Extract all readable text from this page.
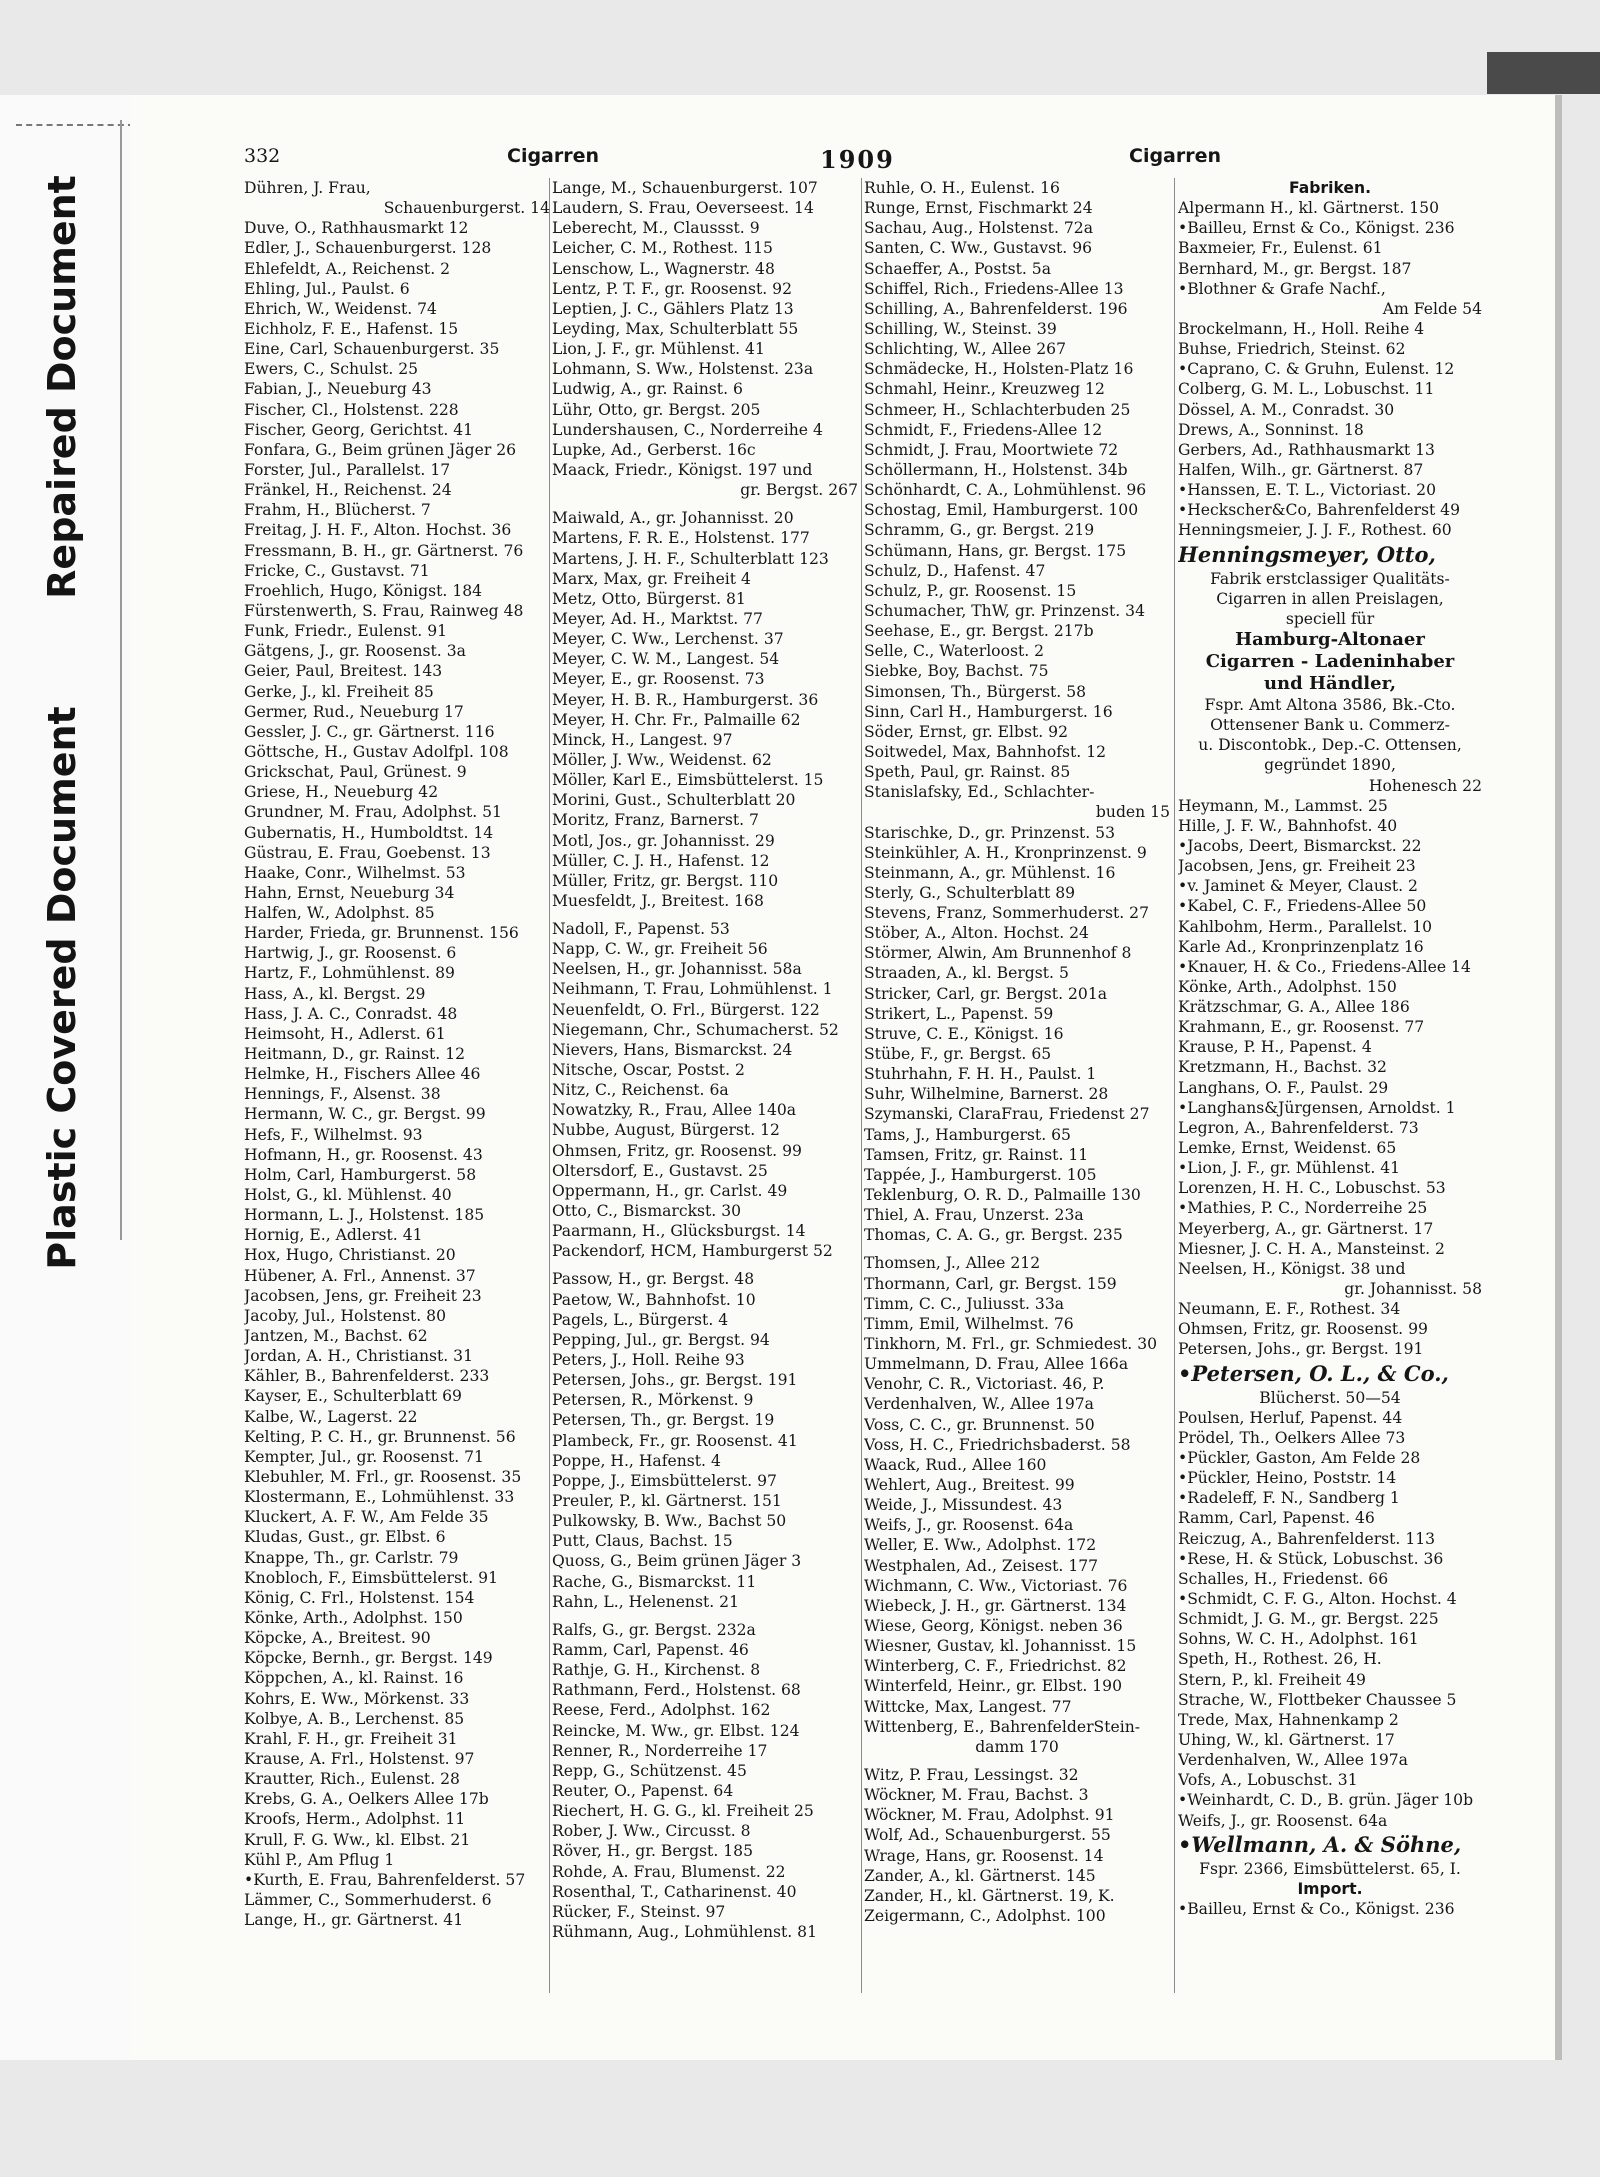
Repaired Document
Plastic Covered Document
332	Cigarren	1909	Cigarren
Dühren, J. Frau,
Schauenburgerst. 14
Duve, O., Rathhausmarkt 12
Edler, J., Schauenburgerst. 128
Ehlefeldt, A., Reichenst. 2
Ehling, Jul., Paulst. 6
Ehrich, W., Weidenst. 74
Eichholz, F. E., Hafenst. 15
Eine, Carl, Schauenburgerst. 35
Ewers, C., Schulst. 25
Fabian, J., Neueburg 43
Fischer, Cl., Holstenst. 228
Fischer, Georg, Gerichtst. 41
Fonfara, G., Beim grünen Jäger 26
Forster, Jul., Parallelst. 17
Fränkel, H., Reichenst. 24
Frahm, H., Blücherst. 7
Freitag, J. H. F., Alton. Hochst. 36
Fressmann, B. H., gr. Gärtnerst. 76
Fricke, C., Gustavst. 71
Froehlich, Hugo, Königst. 184
Fürstenwerth, S. Frau, Rainweg 48
Funk, Friedr., Eulenst. 91
Gätgens, J., gr. Roosenst. 3a
Geier, Paul, Breitest. 143
Gerke, J., kl. Freiheit 85
Germer, Rud., Neueburg 17
Gessler, J. C., gr. Gärtnerst. 116
Göttsche, H., Gustav Adolfpl. 108
Grickschat, Paul, Grünest. 9
Griese, H., Neueburg 42
Grundner, M. Frau, Adolphst. 51
Gubernatis, H., Humboldtst. 14
Güstrau, E. Frau, Goebenst. 13
Haake, Conr., Wilhelmst. 53
Hahn, Ernst, Neueburg 34
Halfen, W., Adolphst. 85
Harder, Frieda, gr. Brunnenst. 156
Hartwig, J., gr. Roosenst. 6
Hartz, F., Lohmühlenst. 89
Hass, A., kl. Bergst. 29
Hass, J. A. C., Conradst. 48
Heimsoht, H., Adlerst. 61
Heitmann, D., gr. Rainst. 12
Helmke, H., Fischers Allee 46
Hennings, F., Alsenst. 38
Hermann, W. C., gr. Bergst. 99
Hefs, F., Wilhelmst. 93
Hofmann, H., gr. Roosenst. 43
Holm, Carl, Hamburgerst. 58
Holst, G., kl. Mühlenst. 40
Hormann, L. J., Holstenst. 185
Hornig, E., Adlerst. 41
Hox, Hugo, Christianst. 20
Hübener, A. Frl., Annenst. 37
Jacobsen, Jens, gr. Freiheit 23
Jacoby, Jul., Holstenst. 80
Jantzen, M., Bachst. 62
Jordan, A. H., Christianst. 31
Kähler, B., Bahrenfelderst. 233
Kayser, E., Schulterblatt 69
Kalbe, W., Lagerst. 22
Kelting, P. C. H., gr. Brunnenst. 56
Kempter, Jul., gr. Roosenst. 71
Klebuhler, M. Frl., gr. Roosenst. 35
Klostermann, E., Lohmühlenst. 33
Kluckert, A. F. W., Am Felde 35
Kludas, Gust., gr. Elbst. 6
Knappe, Th., gr. Carlstr. 79
Knobloch, F., Eimsbüttelerst. 91
König, C. Frl., Holstenst. 154
Könke, Arth., Adolphst. 150
Köpcke, A., Breitest. 90
Köpcke, Bernh., gr. Bergst. 149
Köppchen, A., kl. Rainst. 16
Kohrs, E. Ww., Mörkenst. 33
Kolbye, A. B., Lerchenst. 85
Krahl, F. H., gr. Freiheit 31
Krause, A. Frl., Holstenst. 97
Krautter, Rich., Eulenst. 28
Krebs, G. A., Oelkers Allee 17b
Kroofs, Herm., Adolphst. 11
Krull, F. G. Ww., kl. Elbst. 21
Kühl P., Am Pflug 1
•Kurth, E. Frau, Bahrenfelderst. 57
Lämmer, C., Sommerhuderst. 6
Lange, H., gr. Gärtnerst. 41
Lange, M., Schauenburgerst. 107
Laudern, S. Frau, Oeverseest. 14
Leberecht, M., Claussst. 9
Leicher, C. M., Rothest. 115
Lenschow, L., Wagnerstr. 48
Lentz, P. T. F., gr. Roosenst. 92
Leptien, J. C., Gählers Platz 13
Leyding, Max, Schulterblatt 55
Lion, J. F., gr. Mühlenst. 41
Lohmann, S. Ww., Holstenst. 23a
Ludwig, A., gr. Rainst. 6
Lühr, Otto, gr. Bergst. 205
Lundershausen, C., Norderreihe 4
Lupke, Ad., Gerberst. 16c
Maack, Friedr., Königst. 197 und
gr. Bergst. 267
Maiwald, A., gr. Johannisst. 20
Martens, F. R. E., Holstenst. 177
Martens, J. H. F., Schulterblatt 123
Marx, Max, gr. Freiheit 4
Metz, Otto, Bürgerst. 81
Meyer, Ad. H., Marktst. 77
Meyer, C. Ww., Lerchenst. 37
Meyer, C. W. M., Langest. 54
Meyer, E., gr. Roosenst. 73
Meyer, H. B. R., Hamburgerst. 36
Meyer, H. Chr. Fr., Palmaille 62
Minck, H., Langest. 97
Möller, J. Ww., Weidenst. 62
Möller, Karl E., Eimsbüttelerst. 15
Morini, Gust., Schulterblatt 20
Moritz, Franz, Barnerst. 7
Motl, Jos., gr. Johannisst. 29
Müller, C. J. H., Hafenst. 12
Müller, Fritz, gr. Bergst. 110
Muesfeldt, J., Breitest. 168
Nadoll, F., Papenst. 53
Napp, C. W., gr. Freiheit 56
Neelsen, H., gr. Johannisst. 58a
Neihmann, T. Frau, Lohmühlenst. 1
Neuenfeldt, O. Frl., Bürgerst. 122
Niegemann, Chr., Schumacherst. 52
Nievers, Hans, Bismarckst. 24
Nitsche, Oscar, Postst. 2
Nitz, C., Reichenst. 6a
Nowatzky, R., Frau, Allee 140a
Nubbe, August, Bürgerst. 12
Ohmsen, Fritz, gr. Roosenst. 99
Oltersdorf, E., Gustavst. 25
Oppermann, H., gr. Carlst. 49
Otto, C., Bismarckst. 30
Paarmann, H., Glücksburgst. 14
Packendorf, HCM, Hamburgerst 52
Passow, H., gr. Bergst. 48
Paetow, W., Bahnhofst. 10
Pagels, L., Bürgerst. 4
Pepping, Jul., gr. Bergst. 94
Peters, J., Holl. Reihe 93
Petersen, Johs., gr. Bergst. 191
Petersen, R., Mörkenst. 9
Petersen, Th., gr. Bergst. 19
Plambeck, Fr., gr. Roosenst. 41
Poppe, H., Hafenst. 4
Poppe, J., Eimsbüttelerst. 97
Preuler, P., kl. Gärtnerst. 151
Pulkowsky, B. Ww., Bachst 50
Putt, Claus, Bachst. 15
Quoss, G., Beim grünen Jäger 3
Rache, G., Bismarckst. 11
Rahn, L., Helenenst. 21
Ralfs, G., gr. Bergst. 232a
Ramm, Carl, Papenst. 46
Rathje, G. H., Kirchenst. 8
Rathmann, Ferd., Holstenst. 68
Reese, Ferd., Adolphst. 162
Reincke, M. Ww., gr. Elbst. 124
Renner, R., Norderreihe 17
Repp, G., Schützenst. 45
Reuter, O., Papenst. 64
Riechert, H. G. G., kl. Freiheit 25
Rober, J. Ww., Circusst. 8
Röver, H., gr. Bergst. 185
Rohde, A. Frau, Blumenst. 22
Rosenthal, T., Catharinenst. 40
Rücker, F., Steinst. 97
Rühmann, Aug., Lohmühlenst. 81
Ruhle, O. H., Eulenst. 16
Runge, Ernst, Fischmarkt 24
Sachau, Aug., Holstenst. 72a
Santen, C. Ww., Gustavst. 96
Schaeffer, A., Postst. 5a
Schiffel, Rich., Friedens-Allee 13
Schilling, A., Bahrenfelderst. 196
Schilling, W., Steinst. 39
Schlichting, W., Allee 267
Schmädecke, H., Holsten-Platz 16
Schmahl, Heinr., Kreuzweg 12
Schmeer, H., Schlachterbuden 25
Schmidt, F., Friedens-Allee 12
Schmidt, J. Frau, Moortwiete 72
Schöllermann, H., Holstenst. 34b
Schönhardt, C. A., Lohmühlenst. 96
Schostag, Emil, Hamburgerst. 100
Schramm, G., gr. Bergst. 219
Schümann, Hans, gr. Bergst. 175
Schulz, D., Hafenst. 47
Schulz, P., gr. Roosenst. 15
Schumacher, ThW, gr. Prinzenst. 34
Seehase, E., gr. Bergst. 217b
Selle, C., Waterloost. 2
Siebke, Boy, Bachst. 75
Simonsen, Th., Bürgerst. 58
Sinn, Carl H., Hamburgerst. 16
Söder, Ernst, gr. Elbst. 92
Soitwedel, Max, Bahnhofst. 12
Speth, Paul, gr. Rainst. 85
Stanislafsky, Ed., Schlachter-
buden 15
Starischke, D., gr. Prinzenst. 53
Steinkühler, A. H., Kronprinzenst. 9
Steinmann, A., gr. Mühlenst. 16
Sterly, G., Schulterblatt 89
Stevens, Franz, Sommerhuderst. 27
Stöber, A., Alton. Hochst. 24
Störmer, Alwin, Am Brunnenhof 8
Straaden, A., kl. Bergst. 5
Stricker, Carl, gr. Bergst. 201a
Strikert, L., Papenst. 59
Struve, C. E., Königst. 16
Stübe, F., gr. Bergst. 65
Stuhrhahn, F. H. H., Paulst. 1
Suhr, Wilhelmine, Barnerst. 28
Szymanski, ClaraFrau, Friedenst 27
Tams, J., Hamburgerst. 65
Tamsen, Fritz, gr. Rainst. 11
Tappée, J., Hamburgerst. 105
Teklenburg, O. R. D., Palmaille 130
Thiel, A. Frau, Unzerst. 23a
Thomas, C. A. G., gr. Bergst. 235
Thomsen, J., Allee 212
Thormann, Carl, gr. Bergst. 159
Timm, C. C., Juliusst. 33a
Timm, Emil, Wilhelmst. 76
Tinkhorn, M. Frl., gr. Schmiedest. 30
Ummelmann, D. Frau, Allee 166a
Venohr, C. R., Victoriast. 46, P.
Verdenhalven, W., Allee 197a
Voss, C. C., gr. Brunnenst. 50
Voss, H. C., Friedrichsbaderst. 58
Waack, Rud., Allee 160
Wehlert, Aug., Breitest. 99
Weide, J., Missundest. 43
Weifs, J., gr. Roosenst. 64a
Weller, E. Ww., Adolphst. 172
Westphalen, Ad., Zeisest. 177
Wichmann, C. Ww., Victoriast. 76
Wiebeck, J. H., gr. Gärtnerst. 134
Wiese, Georg, Königst. neben 36
Wiesner, Gustav, kl. Johannisst. 15
Winterberg, C. F., Friedrichst. 82
Winterfeld, Heinr., gr. Elbst. 190
Wittcke, Max, Langest. 77
Wittenberg, E., BahrenfelderStein-
damm 170
Witz, P. Frau, Lessingst. 32
Wöckner, M. Frau, Bachst. 3
Wöckner, M. Frau, Adolphst. 91
Wolf, Ad., Schauenburgerst. 55
Wrage, Hans, gr. Roosenst. 14
Zander, A., kl. Gärtnerst. 145
Zander, H., kl. Gärtnerst. 19, K.
Zeigermann, C., Adolphst. 100
Fabriken.
Alpermann H., kl. Gärtnerst. 150
•Bailleu, Ernst & Co., Königst. 236
Baxmeier, Fr., Eulenst. 61
Bernhard, M., gr. Bergst. 187
•Blothner & Grafe Nachf.,
Am Felde 54
Brockelmann, H., Holl. Reihe 4
Buhse, Friedrich, Steinst. 62
•Caprano, C. & Gruhn, Eulenst. 12
Colberg, G. M. L., Lobuschst. 11
Dössel, A. M., Conradst. 30
Drews, A., Sonninst. 18
Gerbers, Ad., Rathhausmarkt 13
Halfen, Wilh., gr. Gärtnerst. 87
•Hanssen, E. T. L., Victoriast. 20
•Heckscher&Co, Bahrenfelderst 49
Henningsmeier, J. J. F., Rothest. 60
Henningsmeyer, Otto,
Fabrik erstclassiger Qualitäts-
Cigarren in allen Preislagen,
speciell für
Hamburg-Altonaer
Cigarren - Ladeninhaber
und Händler,
Fspr. Amt Altona 3586, Bk.-Cto.
Ottensener Bank u. Commerz-
u. Discontobk., Dep.-C. Ottensen,
gegründet 1890,
Hohenesch 22
Heymann, M., Lammst. 25
Hille, J. F. W., Bahnhofst. 40
•Jacobs, Deert, Bismarckst. 22
Jacobsen, Jens, gr. Freiheit 23
•v. Jaminet & Meyer, Claust. 2
•Kabel, C. F., Friedens-Allee 50
Kahlbohm, Herm., Parallelst. 10
Karle Ad., Kronprinzenplatz 16
•Knauer, H. & Co., Friedens-Allee 14
Könke, Arth., Adolphst. 150
Krätzschmar, G. A., Allee 186
Krahmann, E., gr. Roosenst. 77
Krause, P. H., Papenst. 4
Kretzmann, H., Bachst. 32
Langhans, O. F., Paulst. 29
•Langhans&Jürgensen, Arnoldst. 1
Legron, A., Bahrenfelderst. 73
Lemke, Ernst, Weidenst. 65
•Lion, J. F., gr. Mühlenst. 41
Lorenzen, H. H. C., Lobuschst. 53
•Mathies, P. C., Norderreihe 25
Meyerberg, A., gr. Gärtnerst. 17
Miesner, J. C. H. A., Mansteinst. 2
Neelsen, H., Königst. 38 und
gr. Johannisst. 58
Neumann, E. F., Rothest. 34
Ohmsen, Fritz, gr. Roosenst. 99
Petersen, Johs., gr. Bergst. 191
•Petersen, O. L., & Co.,
Blücherst. 50—54
Poulsen, Herluf, Papenst. 44
Prödel, Th., Oelkers Allee 73
•Pückler, Gaston, Am Felde 28
•Pückler, Heino, Poststr. 14
•Radeleff, F. N., Sandberg 1
Ramm, Carl, Papenst. 46
Reiczug, A., Bahrenfelderst. 113
•Rese, H. & Stück, Lobuschst. 36
Schalles, H., Friedenst. 66
•Schmidt, C. F. G., Alton. Hochst. 4
Schmidt, J. G. M., gr. Bergst. 225
Sohns, W. C. H., Adolphst. 161
Speth, H., Rothest. 26, H.
Stern, P., kl. Freiheit 49
Strache, W., Flottbeker Chaussee 5
Trede, Max, Hahnenkamp 2
Uhing, W., kl. Gärtnerst. 17
Verdenhalven, W., Allee 197a
Vofs, A., Lobuschst. 31
•Weinhardt, C. D., B. grün. Jäger 10b
Weifs, J., gr. Roosenst. 64a
•Wellmann, A. & Söhne,
Fspr. 2366, Eimsbüttelerst. 65, I.
Import.
•Bailleu, Ernst & Co., Königst. 236
